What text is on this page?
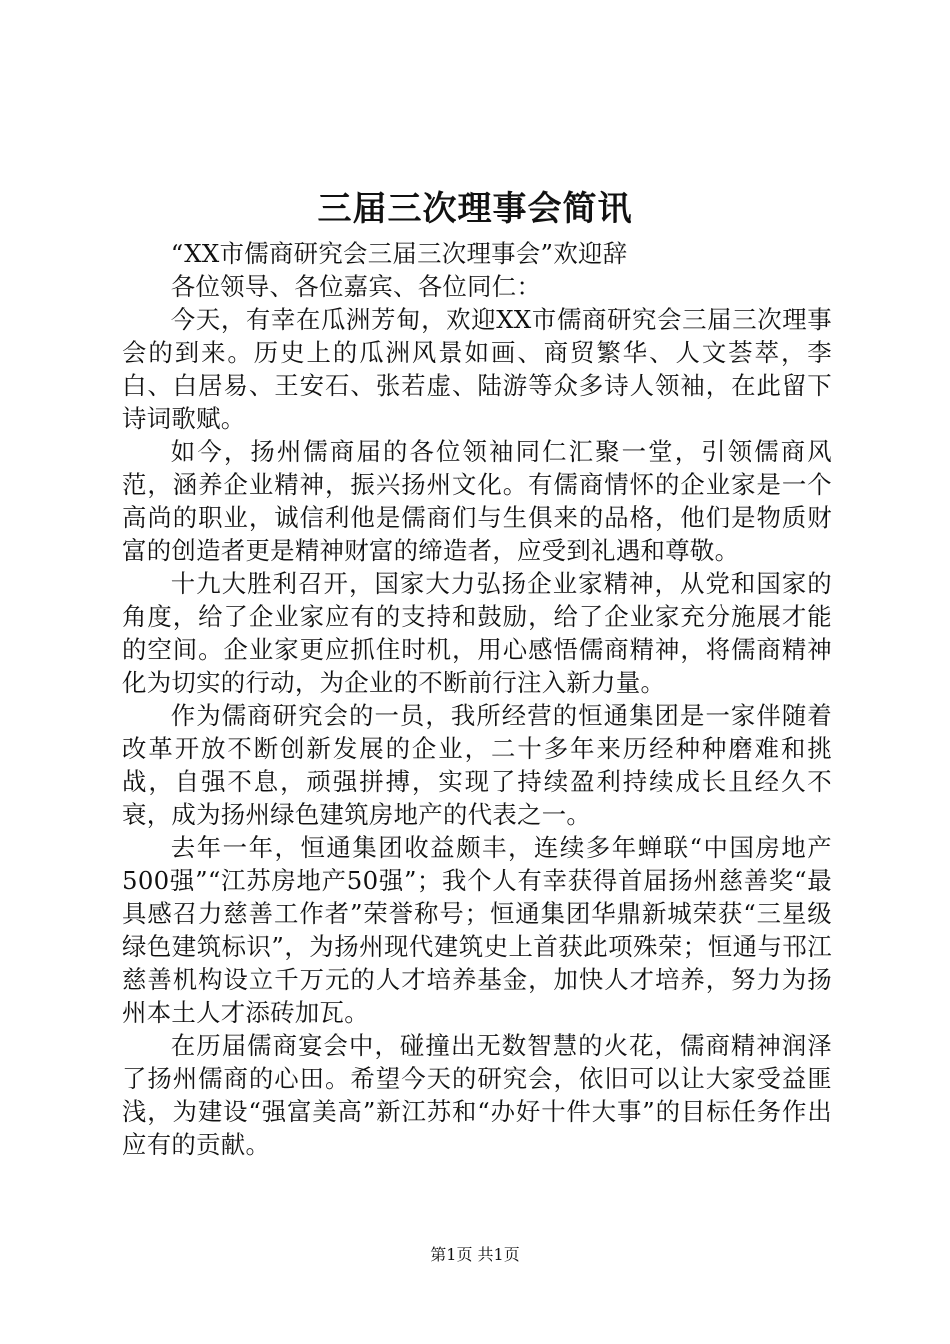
三届三次理事会简讯

“XX市儒商研究会三届三次理事会”欢迎辞

各位领导、各位嘉宾、各位同仁：

今天，有幸在瓜洲芳甸，欢迎XX市儒商研究会三届三次理事会的到来。历史上的瓜洲风景如画、商贸繁华、人文荟萃，李白、白居易、王安石、张若虚、陆游等众多诗人领袖，在此留下诗词歌赋。

如今，扬州儒商届的各位领袖同仁汇聚一堂，引领儒商风范，涵养企业精神，振兴扬州文化。有儒商情怀的企业家是一个高尚的职业，诚信利他是儒商们与生俱来的品格，他们是物质财富的创造者更是精神财富的缔造者，应受到礼遇和尊敬。

十九大胜利召开，国家大力弘扬企业家精神，从党和国家的角度，给了企业家应有的支持和鼓励，给了企业家充分施展才能的空间。企业家更应抓住时机，用心感悟儒商精神，将儒商精神化为切实的行动，为企业的不断前行注入新力量。

作为儒商研究会的一员，我所经营的恒通集团是一家伴随着改革开放不断创新发展的企业，二十多年来历经种种磨难和挑战，自强不息，顽强拼搏，实现了持续盈利持续成长且经久不衰，成为扬州绿色建筑房地产的代表之一。

去年一年，恒通集团收益颇丰，连续多年蝉联“中国房地产500强”“江苏房地产50强”；我个人有幸获得首届扬州慈善奖“最具感召力慈善工作者”荣誉称号；恒通集团华鼎新城荣获“三星级绿色建筑标识”，为扬州现代建筑史上首获此项殊荣；恒通与邗江慈善机构设立千万元的人才培养基金，加快人才培养，努力为扬州本土人才添砖加瓦。

在历届儒商宴会中，碰撞出无数智慧的火花，儒商精神润泽了扬州儒商的心田。希望今天的研究会，依旧可以让大家受益匪浅，为建设“强富美高”新江苏和“办好十件大事”的目标任务作出应有的贡献。

第1页 共1页
